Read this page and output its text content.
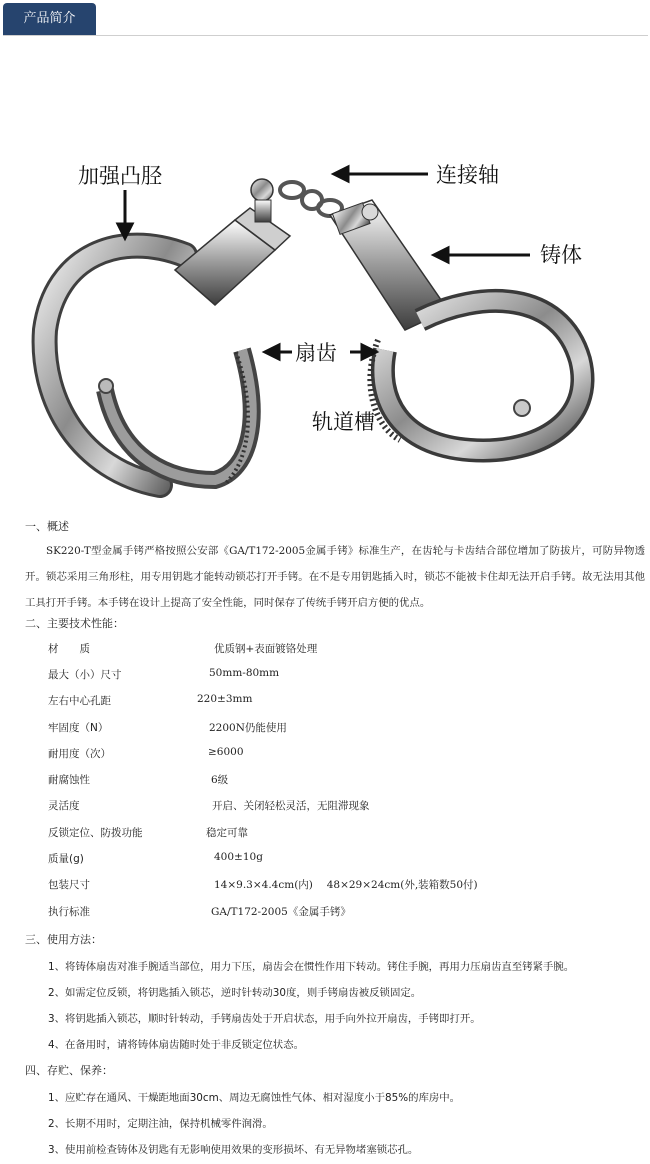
产品简介
加强凸胫	连接轴
铸体
扇齿
轨道槽
一、概述
SK220-T型金属手铐严格按照公安部《GA/T172-2005金属手铐》标准生产，在齿轮与卡齿结合部位增加了防拔片，可防异物透开。锁芯采用三角形柱，用专用钥匙才能转动锁芯打开手铐。在不是专用钥匙插入时，锁芯不能被卡住却无法开启手铐。故无法用其他工具打开手铐。本手铐在设计上提高了安全性能，同时保存了传统手铐开启方便的优点。
二、主要技术性能：
材　　质	优质钢+表面镀铬处理
最大（小）尺寸	50mm-80mm
左右中心孔距	220±3mm
牢固度（N）	2200N仍能使用
耐用度（次）	≥6000
耐腐蚀性	6级
灵活度	开启、关闭轻松灵活，无阻滞现象
反锁定位、防拨功能	稳定可靠
质量(g)	400±10g
包装尺寸	14×9.3×4.4cm(内)　 48×29×24cm(外,装箱数50付)
执行标准	GA/T172-2005《金属手铐》
三、使用方法：
1、将铸体扇齿对准手腕适当部位，用力下压，扇齿会在惯性作用下转动。铐住手腕，再用力压扇齿直至铐紧手腕。
2、如需定位反锁，将钥匙插入锁芯，逆时针转动30度，则手铐扇齿被反锁固定。
3、将钥匙插入锁芯，顺时针转动，手铐扇齿处于开启状态，用手向外拉开扇齿，手铐即打开。
4、在备用时，请将铸体扇齿随时处于非反锁定位状态。
四、存贮、保养：
1、应贮存在通风、干燥距地面30cm、周边无腐蚀性气体、相对湿度小于85%的库房中。
2、长期不用时，定期注油，保持机械零件润滑。
3、使用前检查铸体及钥匙有无影响使用效果的变形损坏、有无异物堵塞锁芯孔。
